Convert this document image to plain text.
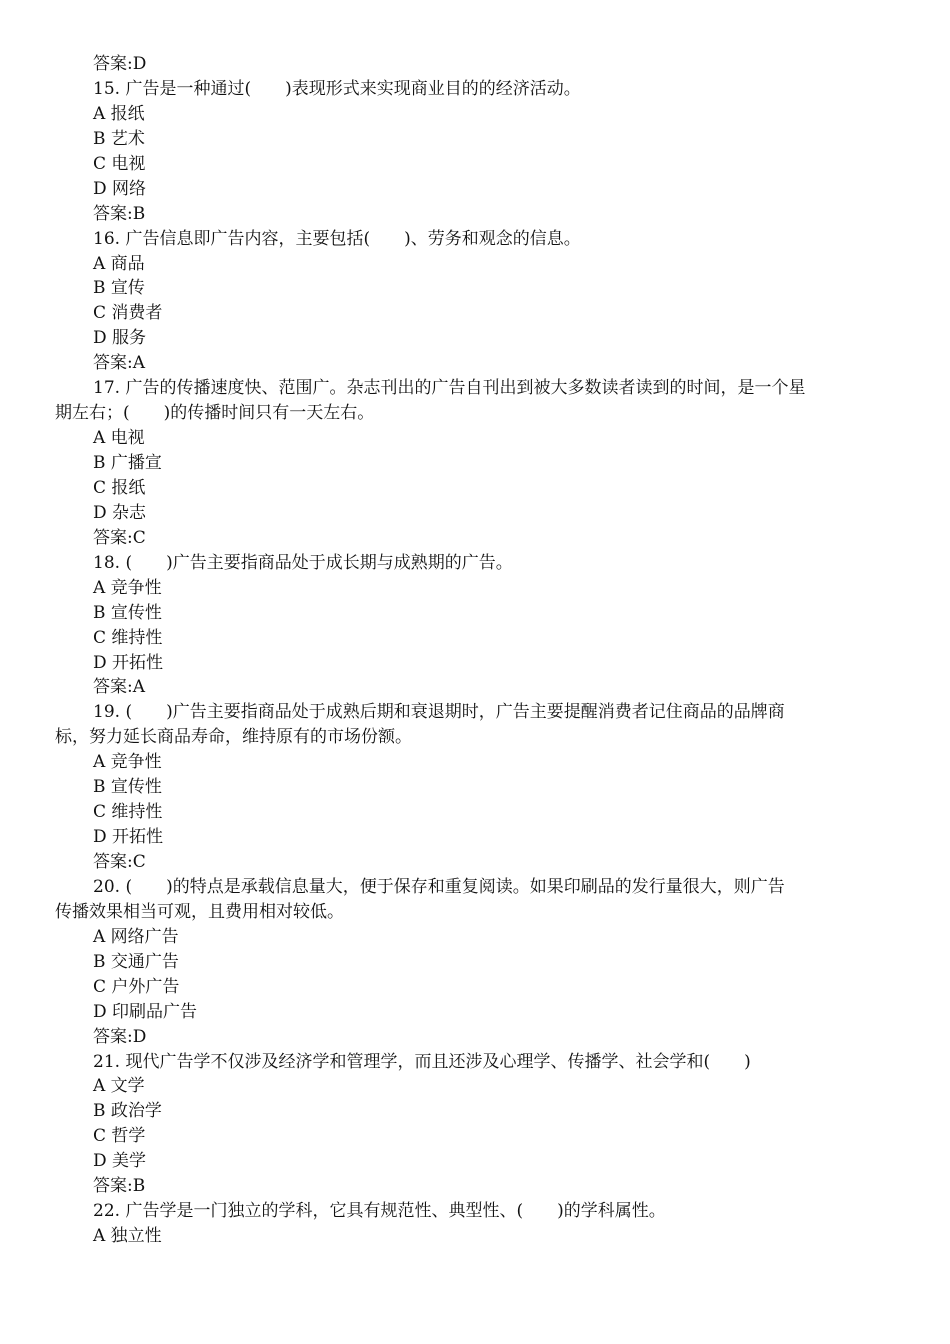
答案:D
15. 广告是一种通过(　　)表现形式来实现商业目的的经济活动。
A 报纸
B 艺术
C 电视
D 网络
答案:B
16. 广告信息即广告内容，主要包括(　　)、劳务和观念的信息。
A 商品
B 宣传
C 消费者
D 服务
答案:A
17. 广告的传播速度快、范围广。杂志刊出的广告自刊出到被大多数读者读到的时间，是一个星
期左右；(　　)的传播时间只有一天左右。
A 电视
B 广播宣
C 报纸
D 杂志
答案:C
18. (　　)广告主要指商品处于成长期与成熟期的广告。
A 竞争性
B 宣传性
C 维持性
D 开拓性
答案:A
19. (　　)广告主要指商品处于成熟后期和衰退期时，广告主要提醒消费者记住商品的品牌商
标，努力延长商品寿命，维持原有的市场份额。
A 竞争性
B 宣传性
C 维持性
D 开拓性
答案:C
20. (　　)的特点是承载信息量大，便于保存和重复阅读。如果印刷品的发行量很大，则广告
传播效果相当可观，且费用相对较低。
A 网络广告
B 交通广告
C 户外广告
D 印刷品广告
答案:D
21. 现代广告学不仅涉及经济学和管理学，而且还涉及心理学、传播学、社会学和(　　)
A 文学
B 政治学
C 哲学
D 美学
答案:B
22. 广告学是一门独立的学科，它具有规范性、典型性、(　　)的学科属性。
A 独立性
